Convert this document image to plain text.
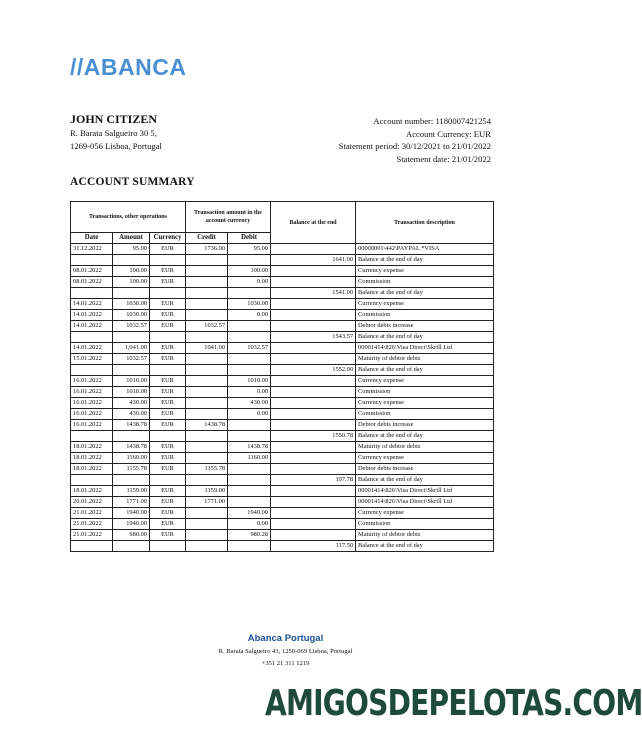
//ABANCA
JOHN CITIZEN
R. Barata Salgueiro 30 5,
1269-056 Lisboa, Portugal
Account number: 1180007421254
Account Currency: EUR
Statement period: 30/12/2021 to 21/01/2022
Statement date: 21/01/2022
ACCOUNT SUMMARY
Transactions, other operations			Transaction amount in the account currency		Balance at the end	Transaction description
Date	Amount	Currency	Credit	Debit		
31.12.2022	95.00	EUR	1736.00	95.00		00000001\442\PAYPAL *VISA
					1641.00	Balance at the end of day
08.01.2022	100.00	EUR		100.00		Currency expense
08.01.2022	100.00	EUR		0.00		Commission
					1541.00	Balance at the end of day
14.01.2022	1030.00	EUR		1030.00		Currency expense
14.01.2022	1030.00	EUR		0.00		Commission
14.01.2022	1032.57	EUR	1032.57			Debtor debts increase
					1543.57	Balance at the end of day
14.01.2022	1,041.00	EUR	1041.00	1032.57		00001414\826\Visa Direct\Skrill Ltd
15.01.2022	1032.57	EUR				Maturity of debtor debts
					1552.00	Balance at the end of day
16.01.2022	1010.00	EUR		1010.00		Currency expense
16.01.2022	1010.00	EUR		0.00		Commission
16.01.2022	430.00	EUR		430.00		Currency expense
16.01.2022	430.00	EUR		0.00		Commission
16.01.2022	1438.78	EUR	1438.78			Debtor debts increase
					1550.78	Balance at the end of day
18.01.2022	1438.78	EUR		1438.78		Maturity of debtor debts
18.01.2022	1160.00	EUR		1160.00		Currency expense
18.01.2022	1155.78	EUR	1155.78			Debtor debts increase
					107.78	Balance at the end of day
18.01.2022	1159.00	EUR	1159.00			00001414\826\Visa Direct\Skrill Ltd
20.01.2022	1771.00	EUR	1771.00			00001414\826\Visa Direct\Skrill Ltd
21.01.2022	1940.00	EUR		1940.00		Currency expense
21.01.2022	1940.00	EUR		0.00		Commission
21.01.2022	980.00	EUR		980.28		Maturity of debtor debts
					117.50	Balance at the end of day
Abanca Portugal
R. Barata Salgueiro 43, 1250-069 Lisboa, Portugal
+351 21 311 1219
AMIGOSDEPELOTAS.COM
